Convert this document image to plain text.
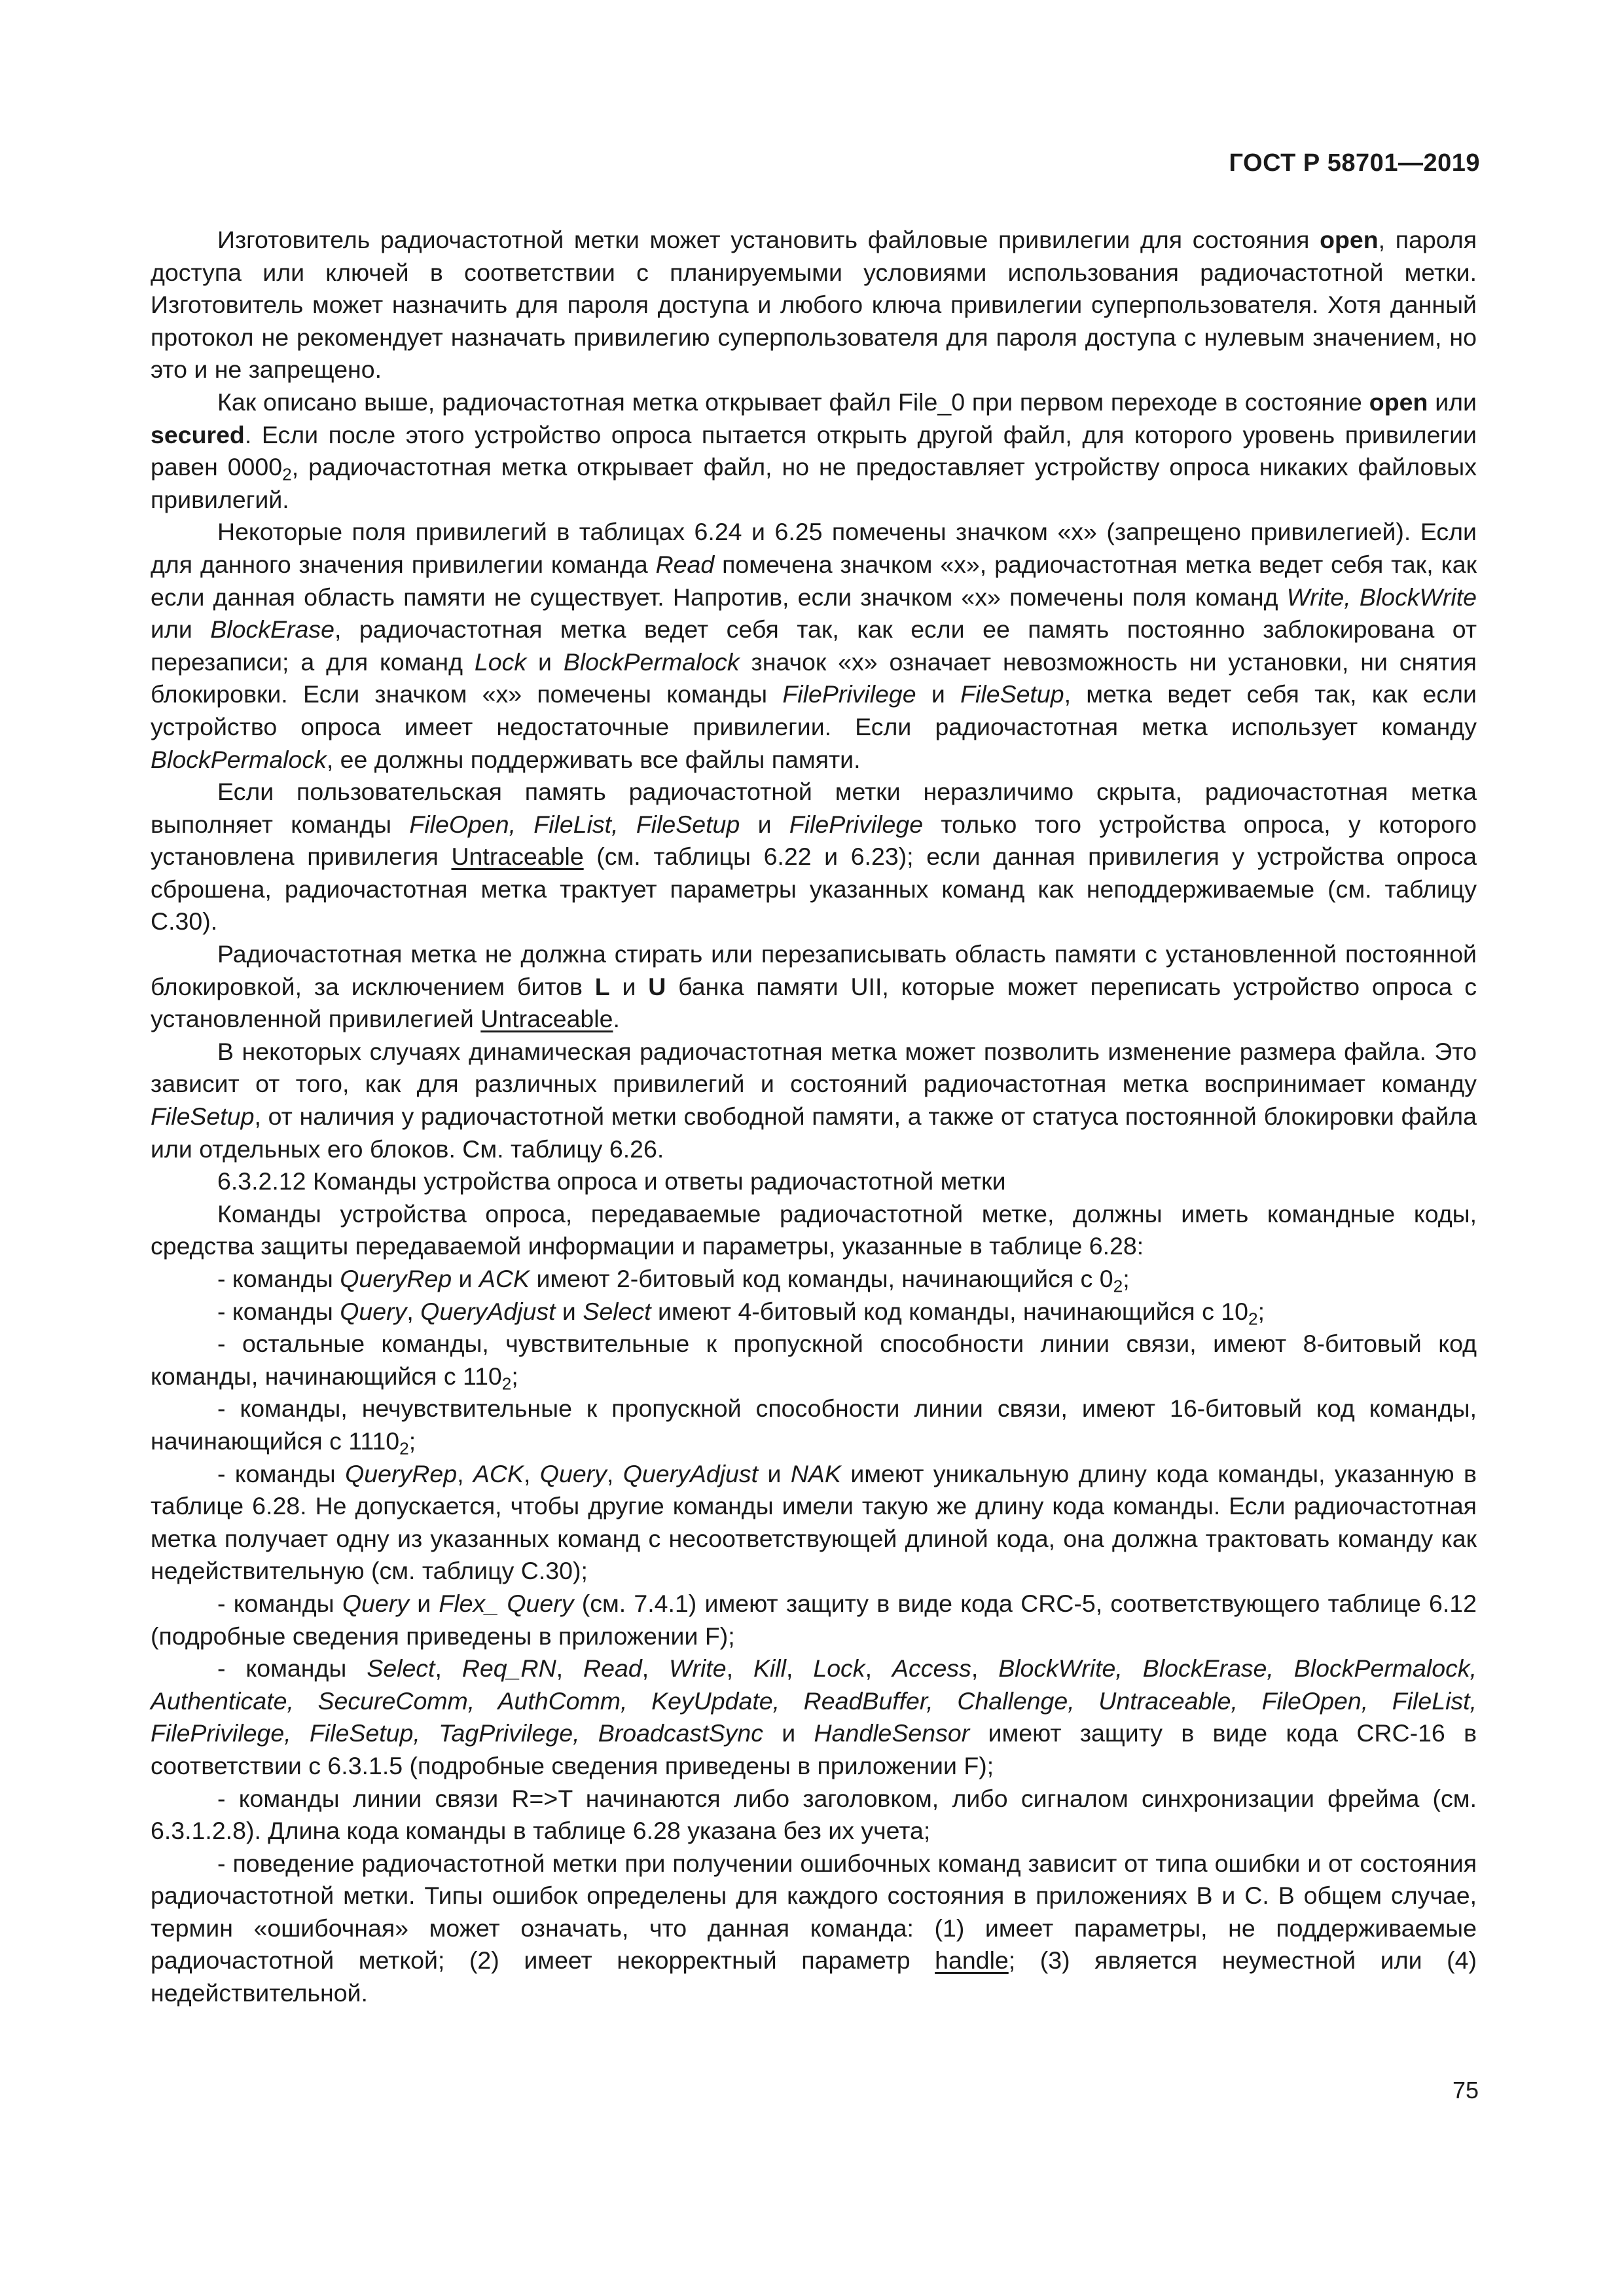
ГОСТ Р 58701—2019

Изготовитель радиочастотной метки может установить файловые привилегии для состояния open, пароля доступа или ключей в соответствии с планируемыми условиями использования радиочастотной метки. Изготовитель может назначить для пароля доступа и любого ключа привилегии суперпользователя. Хотя данный протокол не рекомендует назначать привилегию суперпользователя для пароля доступа с нулевым значением, но это и не запрещено.

Как описано выше, радиочастотная метка открывает файл File_0 при первом переходе в состояние open или secured. Если после этого устройство опроса пытается открыть другой файл, для которого уровень привилегии равен $0000_2$, радиочастотная метка открывает файл, но не предоставляет устройству опроса никаких файловых привилегий.

Некоторые поля привилегий в таблицах 6.24 и 6.25 помечены значком «x» (запрещено привилегией). Если для данного значения привилегии команда Read помечена значком «x», радиочастотная метка ведет себя так, как если данная область памяти не существует. Напротив, если значком «x» помечены поля команд Write, BlockWrite или BlockErase, радиочастотная метка ведет себя так, как если ее память постоянно заблокирована от перезаписи; а для команд Lock и BlockPermalock значок «x» означает невозможность ни установки, ни снятия блокировки. Если значком «x» помечены команды FilePrivilege и FileSetup, метка ведет себя так, как если устройство опроса имеет недостаточные привилегии. Если радиочастотная метка использует команду BlockPermalock, ее должны поддерживать все файлы памяти.

Если пользовательская память радиочастотной метки неразличимо скрыта, радиочастотная метка выполняет команды FileOpen, FileList, FileSetup и FilePrivilege только того устройства опроса, у которого установлена привилегия Untraceable (см. таблицы 6.22 и 6.23); если данная привилегия у устройства опроса сброшена, радиочастотная метка трактует параметры указанных команд как неподдерживаемые (см. таблицу С.30).

Радиочастотная метка не должна стирать или перезаписывать область памяти с установленной постоянной блокировкой, за исключением битов L и U банка памяти UII, которые может переписать устройство опроса с установленной привилегией Untraceable.

В некоторых случаях динамическая радиочастотная метка может позволить изменение размера файла. Это зависит от того, как для различных привилегий и состояний радиочастотная метка воспринимает команду FileSetup, от наличия у радиочастотной метки свободной памяти, а также от статуса постоянной блокировки файла или отдельных его блоков. См. таблицу 6.26.

6.3.2.12 Команды устройства опроса и ответы радиочастотной метки

Команды устройства опроса, передаваемые радиочастотной метке, должны иметь командные коды, средства защиты передаваемой информации и параметры, указанные в таблице 6.28:

- команды QueryRep и ACK имеют 2-битовый код команды, начинающийся с $0_2$;

- команды Query, QueryAdjust и Select имеют 4-битовый код команды, начинающийся с $10_2$;

- остальные команды, чувствительные к пропускной способности линии связи, имеют 8-битовый код команды, начинающийся с $110_2$;

- команды, нечувствительные к пропускной способности линии связи, имеют 16-битовый код команды, начинающийся с $1110_2$;

- команды QueryRep, ACK, Query, QueryAdjust и NAK имеют уникальную длину кода команды, указанную в таблице 6.28. Не допускается, чтобы другие команды имели такую же длину кода команды. Если радиочастотная метка получает одну из указанных команд с несоответствующей длиной кода, она должна трактовать команду как недействительную (см. таблицу С.30);

- команды Query и Flex_ Query (см. 7.4.1) имеют защиту в виде кода CRC-5, соответствующего таблице 6.12 (подробные сведения приведены в приложении F);

- команды Select, Req_RN, Read, Write, Kill, Lock, Access, BlockWrite, BlockErase, BlockPermalock, Authenticate, SecureComm, AuthComm, KeyUpdate, ReadBuffer, Challenge, Untraceable, FileOpen, FileList, FilePrivilege, FileSetup, TagPrivilege, BroadcastSync и HandleSensor имеют защиту в виде кода CRC-16 в соответствии с 6.3.1.5 (подробные сведения приведены в приложении F);

- команды линии связи R=>T начинаются либо заголовком, либо сигналом синхронизации фрейма (см. 6.3.1.2.8). Длина кода команды в таблице 6.28 указана без их учета;

- поведение радиочастотной метки при получении ошибочных команд зависит от типа ошибки и от состояния радиочастотной метки. Типы ошибок определены для каждого состояния в приложениях В и С. В общем случае, термин «ошибочная» может означать, что данная команда: (1) имеет параметры, не поддерживаемые радиочастотной меткой; (2) имеет некорректный параметр handle; (3) является неуместной или (4) недействительной.

75
